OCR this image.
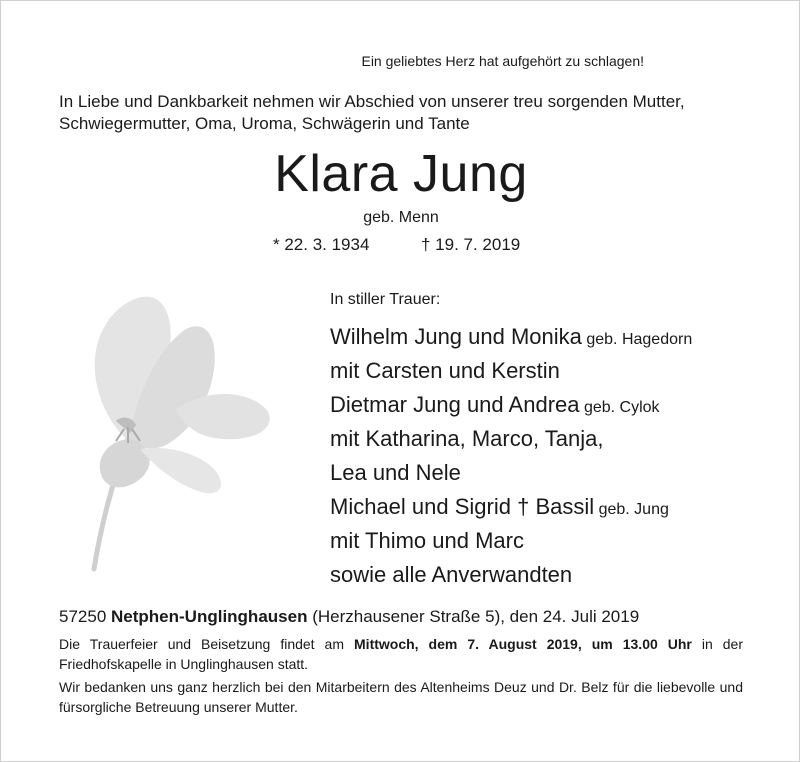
Ein geliebtes Herz hat aufgehört zu schlagen!
In Liebe und Dankbarkeit nehmen wir Abschied von unserer treu sorgenden Mutter,
Schwiegermutter, Oma, Uroma, Schwägerin und Tante
Klara Jung
geb. Menn
* 22. 3. 1934	† 19. 7. 2019
In stiller Trauer:
Wilhelm Jung und Monika geb. Hagedorn
mit Carsten und Kerstin
Dietmar Jung und Andrea geb. Cylok
mit Katharina, Marco, Tanja,
Lea und Nele
Michael und Sigrid † Bassil geb. Jung
mit Thimo und Marc
sowie alle Anverwandten
57250 Netphen-Unglinghausen (Herzhausener Straße 5), den 24. Juli 2019
Die Trauerfeier und Beisetzung findet am Mittwoch, dem 7. August 2019, um 13.00 Uhr in der Friedhofskapelle in Unglinghausen statt.
Wir bedanken uns ganz herzlich bei den Mitarbeitern des Altenheims Deuz und Dr. Belz für die liebevolle und fürsorgliche Betreuung unserer Mutter.
